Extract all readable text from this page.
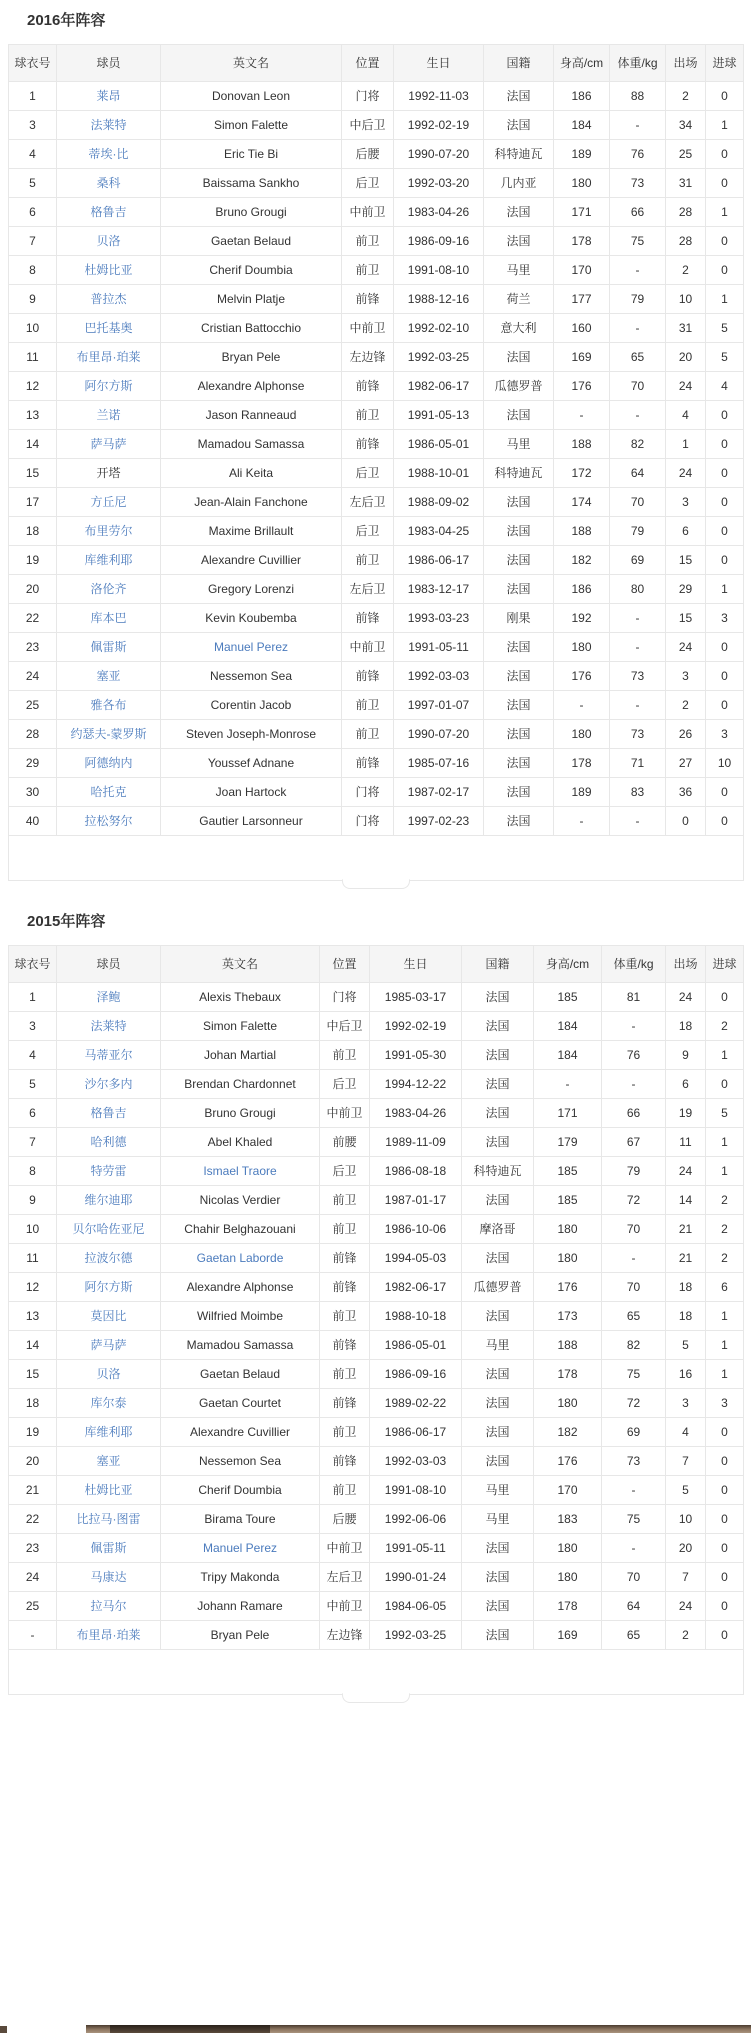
2016年阵容
球衣号	球员	英文名	位置	生日	国籍	身高/cm	体重/kg	出场	进球
1	莱昂	Donovan Leon	门将	1992-11-03	法国	186	88	2	0
3	法莱特	Simon Falette	中后卫	1992-02-19	法国	184	-	34	1
4	蒂埃·比	Eric Tie Bi	后腰	1990-07-20	科特迪瓦	189	76	25	0
5	桑科	Baissama Sankho	后卫	1992-03-20	几内亚	180	73	31	0
6	格鲁吉	Bruno Grougi	中前卫	1983-04-26	法国	171	66	28	1
7	贝洛	Gaetan Belaud	前卫	1986-09-16	法国	178	75	28	0
8	杜姆比亚	Cherif Doumbia	前卫	1991-08-10	马里	170	-	2	0
9	普拉杰	Melvin Platje	前锋	1988-12-16	荷兰	177	79	10	1
10	巴托基奥	Cristian Battocchio	中前卫	1992-02-10	意大利	160	-	31	5
11	布里昂·珀莱	Bryan Pele	左边锋	1992-03-25	法国	169	65	20	5
12	阿尔方斯	Alexandre Alphonse	前锋	1982-06-17	瓜德罗普	176	70	24	4
13	兰诺	Jason Ranneaud	前卫	1991-05-13	法国	-	-	4	0
14	萨马萨	Mamadou Samassa	前锋	1986-05-01	马里	188	82	1	0
15	开塔	Ali Keita	后卫	1988-10-01	科特迪瓦	172	64	24	0
17	方丘尼	Jean-Alain Fanchone	左后卫	1988-09-02	法国	174	70	3	0
18	布里劳尔	Maxime Brillault	后卫	1983-04-25	法国	188	79	6	0
19	库维利耶	Alexandre Cuvillier	前卫	1986-06-17	法国	182	69	15	0
20	洛伦齐	Gregory Lorenzi	左后卫	1983-12-17	法国	186	80	29	1
22	库本巴	Kevin Koubemba	前锋	1993-03-23	刚果	192	-	15	3
23	佩雷斯	Manuel Perez	中前卫	1991-05-11	法国	180	-	24	0
24	塞亚	Nessemon Sea	前锋	1992-03-03	法国	176	73	3	0
25	雅各布	Corentin Jacob	前卫	1997-01-07	法国	-	-	2	0
28	约瑟夫-蒙罗斯	Steven Joseph-Monrose	前卫	1990-07-20	法国	180	73	26	3
29	阿德纳内	Youssef Adnane	前锋	1985-07-16	法国	178	71	27	10
30	哈托克	Joan Hartock	门将	1987-02-17	法国	189	83	36	0
40	拉松努尔	Gautier Larsonneur	门将	1997-02-23	法国	-	-	0	0

2015年阵容
球衣号	球员	英文名	位置	生日	国籍	身高/cm	体重/kg	出场	进球
1	泽鲍	Alexis Thebaux	门将	1985-03-17	法国	185	81	24	0
3	法莱特	Simon Falette	中后卫	1992-02-19	法国	184	-	18	2
4	马蒂亚尔	Johan Martial	前卫	1991-05-30	法国	184	76	9	1
5	沙尔多内	Brendan Chardonnet	后卫	1994-12-22	法国	-	-	6	0
6	格鲁吉	Bruno Grougi	中前卫	1983-04-26	法国	171	66	19	5
7	哈利德	Abel Khaled	前腰	1989-11-09	法国	179	67	11	1
8	特劳雷	Ismael Traore	后卫	1986-08-18	科特迪瓦	185	79	24	1
9	维尔迪耶	Nicolas Verdier	前卫	1987-01-17	法国	185	72	14	2
10	贝尔哈佐亚尼	Chahir Belghazouani	前卫	1986-10-06	摩洛哥	180	70	21	2
11	拉波尔德	Gaetan Laborde	前锋	1994-05-03	法国	180	-	21	2
12	阿尔方斯	Alexandre Alphonse	前锋	1982-06-17	瓜德罗普	176	70	18	6
13	莫因比	Wilfried Moimbe	前卫	1988-10-18	法国	173	65	18	1
14	萨马萨	Mamadou Samassa	前锋	1986-05-01	马里	188	82	5	1
15	贝洛	Gaetan Belaud	前卫	1986-09-16	法国	178	75	16	1
18	库尔泰	Gaetan Courtet	前锋	1989-02-22	法国	180	72	3	3
19	库维利耶	Alexandre Cuvillier	前卫	1986-06-17	法国	182	69	4	0
20	塞亚	Nessemon Sea	前锋	1992-03-03	法国	176	73	7	0
21	杜姆比亚	Cherif Doumbia	前卫	1991-08-10	马里	170	-	5	0
22	比拉马·图雷	Birama Toure	后腰	1992-06-06	马里	183	75	10	0
23	佩雷斯	Manuel Perez	中前卫	1991-05-11	法国	180	-	20	0
24	马康达	Tripy Makonda	左后卫	1990-01-24	法国	180	70	7	0
25	拉马尔	Johann Ramare	中前卫	1984-06-05	法国	178	64	24	0
-	布里昂·珀莱	Bryan Pele	左边锋	1992-03-25	法国	169	65	2	0
